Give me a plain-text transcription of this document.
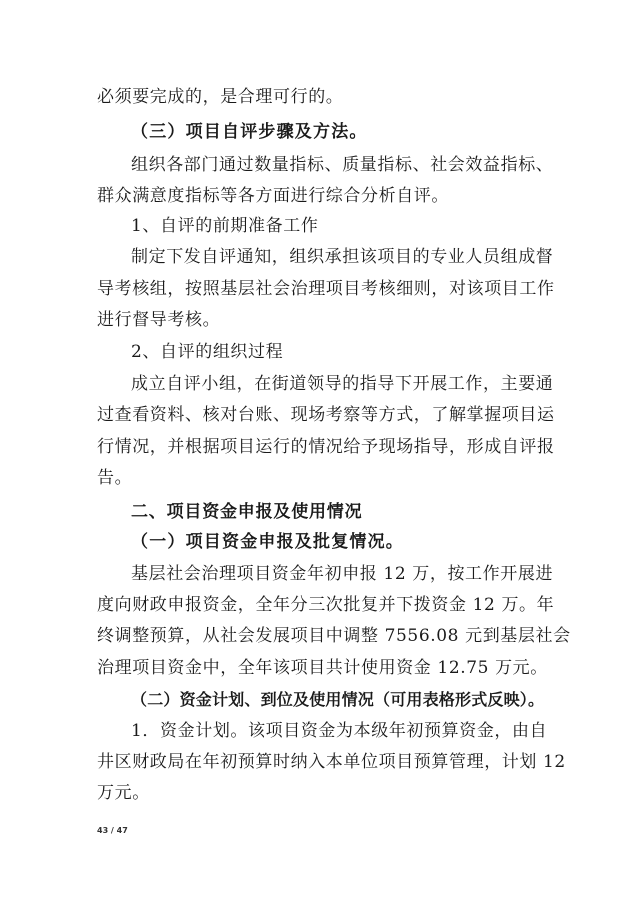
必须要完成的，是合理可行的。
（三）项目自评步骤及方法。
组织各部门通过数量指标、质量指标、社会效益指标、
群众满意度指标等各方面进行综合分析自评。
1、自评的前期准备工作
制定下发自评通知，组织承担该项目的专业人员组成督
导考核组，按照基层社会治理项目考核细则，对该项目工作
进行督导考核。
2、自评的组织过程
成立自评小组，在街道领导的指导下开展工作，主要通
过查看资料、核对台账、现场考察等方式，了解掌握项目运
行情况，并根据项目运行的情况给予现场指导，形成自评报
告。
二、项目资金申报及使用情况
（一）项目资金申报及批复情况。
基层社会治理项目资金年初申报 12 万，按工作开展进
度向财政申报资金，全年分三次批复并下拨资金 12 万。年
终调整预算，从社会发展项目中调整 7556.08 元到基层社会
治理项目资金中，全年该项目共计使用资金 12.75 万元。
（二）资金计划、到位及使用情况（可用表格形式反映）。
1．资金计划。该项目资金为本级年初预算资金，由自
井区财政局在年初预算时纳入本单位项目预算管理，计划 12
万元。
43 / 47
